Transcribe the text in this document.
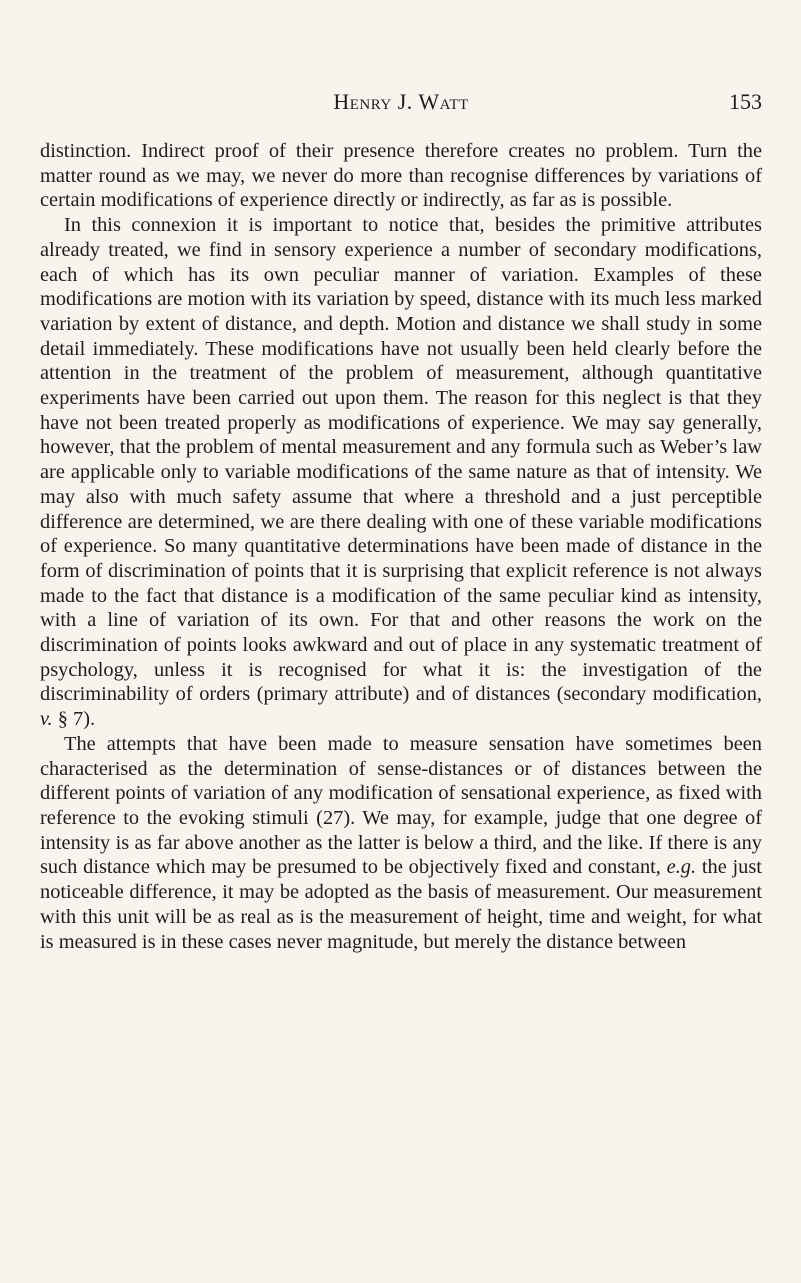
Henry J. Watt	153

distinction. Indirect proof of their presence therefore creates no problem. Turn the matter round as we may, we never do more than recognise differences by variations of certain modifications of experience directly or indirectly, as far as is possible.

In this connexion it is important to notice that, besides the primitive attributes already treated, we find in sensory experience a number of secondary modifications, each of which has its own peculiar manner of variation. Examples of these modifications are motion with its variation by speed, distance with its much less marked variation by extent of distance, and depth. Motion and distance we shall study in some detail immediately. These modifications have not usually been held clearly before the attention in the treatment of the problem of measurement, although quantitative experiments have been carried out upon them. The reason for this neglect is that they have not been treated properly as modifications of experience. We may say generally, however, that the problem of mental measurement and any formula such as Weber’s law are applicable only to variable modifications of the same nature as that of intensity. We may also with much safety assume that where a threshold and a just perceptible difference are determined, we are there dealing with one of these variable modifications of experience. So many quantitative determinations have been made of distance in the form of discrimination of points that it is surprising that explicit reference is not always made to the fact that distance is a modification of the same peculiar kind as intensity, with a line of variation of its own. For that and other reasons the work on the discrimination of points looks awkward and out of place in any systematic treatment of psychology, unless it is recognised for what it is: the investigation of the discriminability of orders (primary attribute) and of distances (secondary modification, v. § 7).

The attempts that have been made to measure sensation have sometimes been characterised as the determination of sense-distances or of distances between the different points of variation of any modification of sensational experience, as fixed with reference to the evoking stimuli (27). We may, for example, judge that one degree of intensity is as far above another as the latter is below a third, and the like. If there is any such distance which may be presumed to be objectively fixed and constant, e.g. the just noticeable difference, it may be adopted as the basis of measurement. Our measurement with this unit will be as real as is the measurement of height, time and weight, for what is measured is in these cases never magnitude, but merely the distance between
